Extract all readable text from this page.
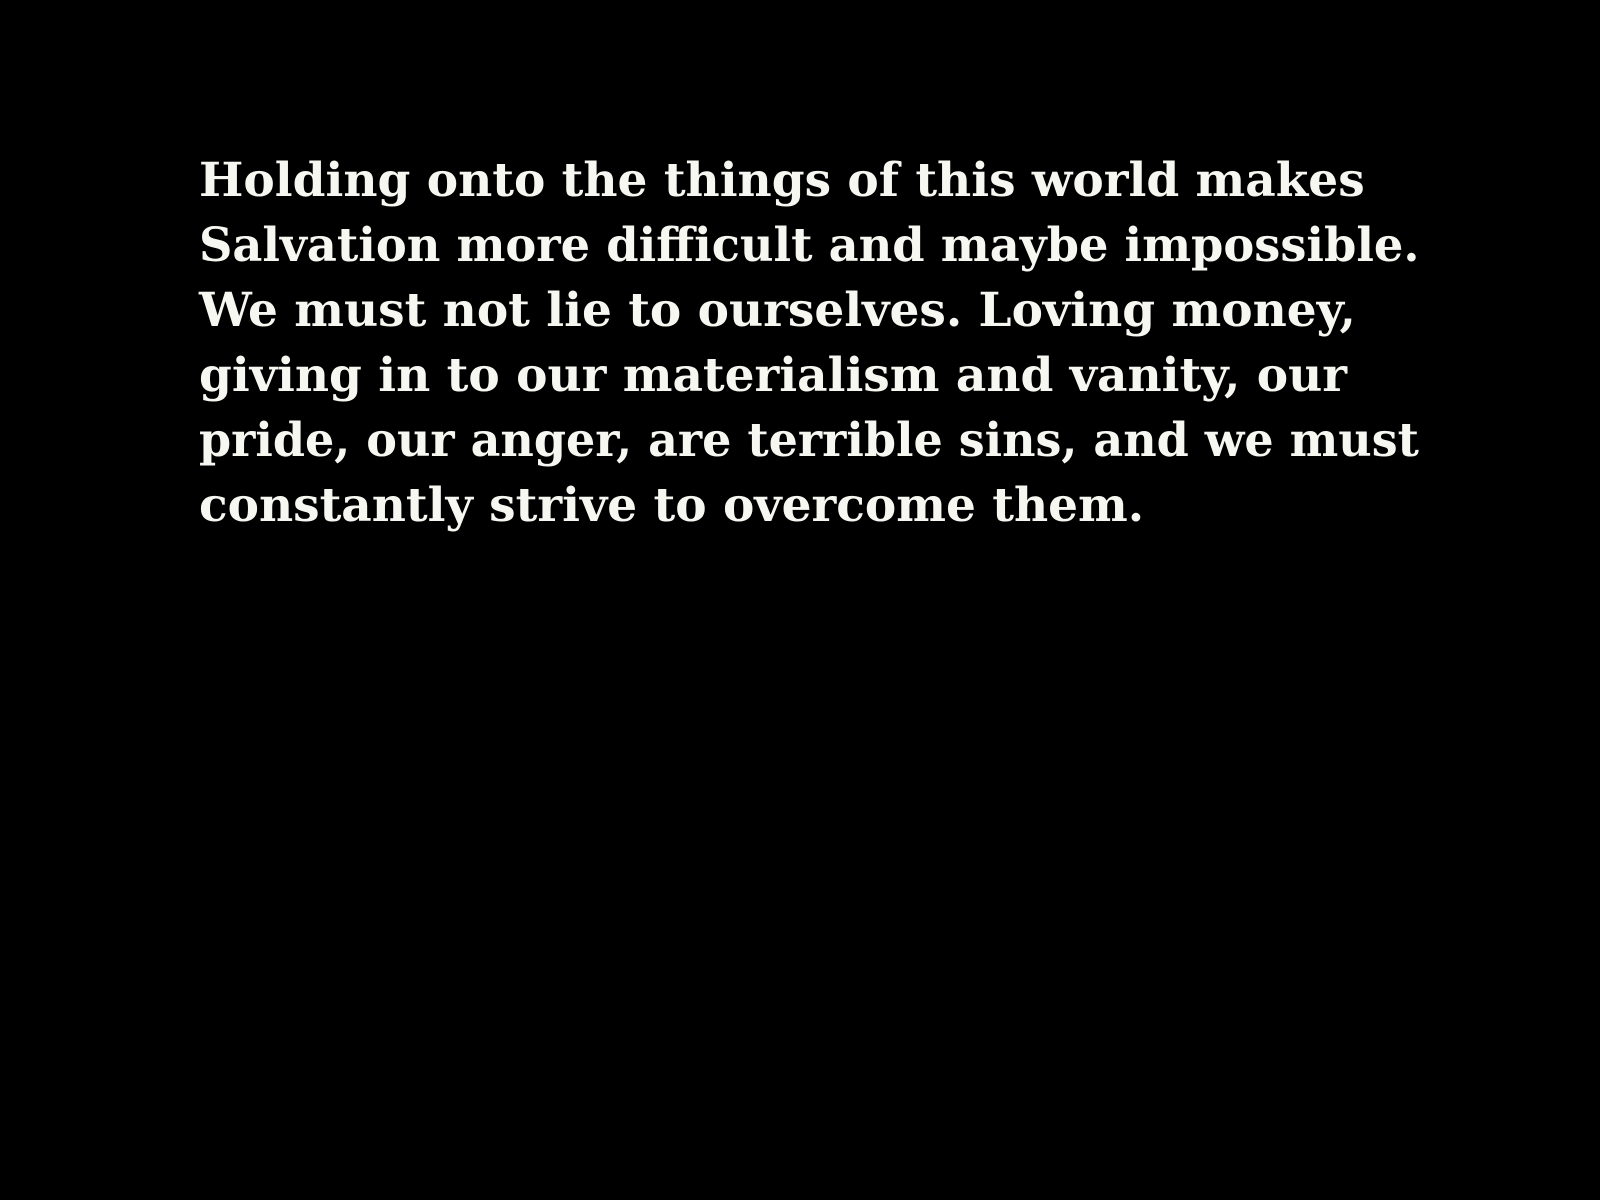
Holding onto the things of this world makes
Salvation more difficult and maybe impossible.
We must not lie to ourselves. Loving money,
giving in to our materialism and vanity, our
pride, our anger, are terrible sins, and we must
constantly strive to overcome them.
